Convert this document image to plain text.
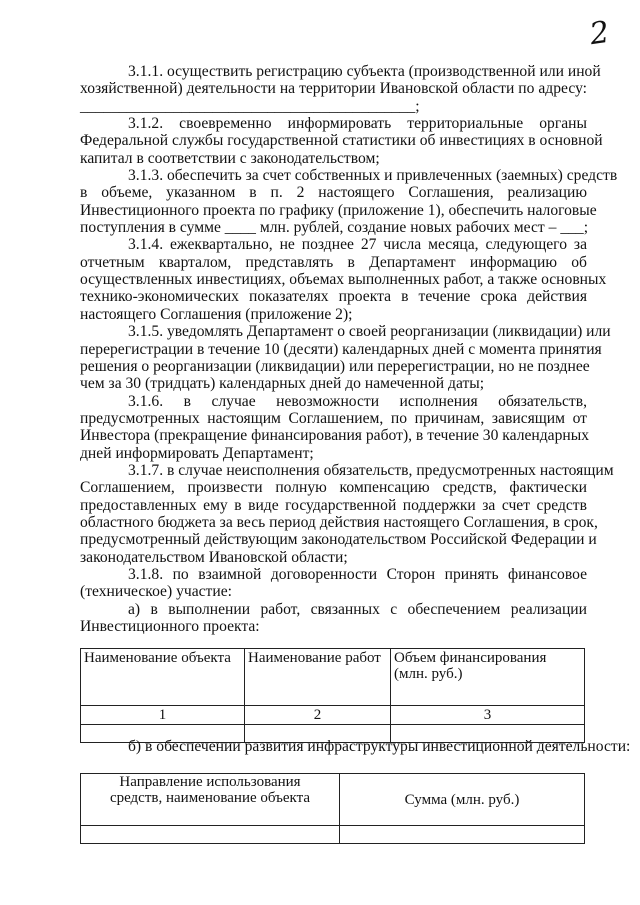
2
3.1.1. осуществить регистрацию субъекта (производственной или иной
хозяйственной) деятельности на территории Ивановской области по адресу:
___________________________________________;
3.1.2. своевременно информировать территориальные органы
Федеральной службы государственной статистики об инвестициях в основной
капитал в соответствии с законодательством;
3.1.3. обеспечить за счет собственных и привлеченных (заемных) средств
в объеме, указанном в п. 2 настоящего Соглашения, реализацию
Инвестиционного проекта по графику (приложение 1), обеспечить налоговые
поступления в сумме ____ млн. рублей, создание новых рабочих мест – ___;
3.1.4. ежеквартально, не позднее 27 числа месяца, следующего за
отчетным кварталом, представлять в Департамент информацию об
осуществленных инвестициях, объемах выполненных работ, а также основных
технико-экономических показателях проекта в течение срока действия
настоящего Соглашения (приложение 2);
3.1.5. уведомлять Департамент о своей реорганизации (ликвидации) или
перерегистрации в течение 10 (десяти) календарных дней с момента принятия
решения о реорганизации (ликвидации) или перерегистрации, но не позднее
чем за 30 (тридцать) календарных дней до намеченной даты;
3.1.6. в случае невозможности исполнения обязательств,
предусмотренных настоящим Соглашением, по причинам, зависящим от
Инвестора (прекращение финансирования работ), в течение 30 календарных
дней информировать Департамент;
3.1.7. в случае неисполнения обязательств, предусмотренных настоящим
Соглашением, произвести полную компенсацию средств, фактически
предоставленных ему в виде государственной поддержки за счет средств
областного бюджета за весь период действия настоящего Соглашения, в срок,
предусмотренный действующим законодательством Российской Федерации и
законодательством Ивановской области;
3.1.8. по взаимной договоренности Сторон принять финансовое
(техническое) участие:
а) в выполнении работ, связанных с обеспечением реализации
Инвестиционного проекта:
Наименование объекта	Наименование работ	Объем финансирования (млн. руб.)
1	2	3

б) в обеспечении развития инфраструктуры инвестиционной деятельности:
Направление использования средств, наименование объекта	Сумма (млн. руб.)
